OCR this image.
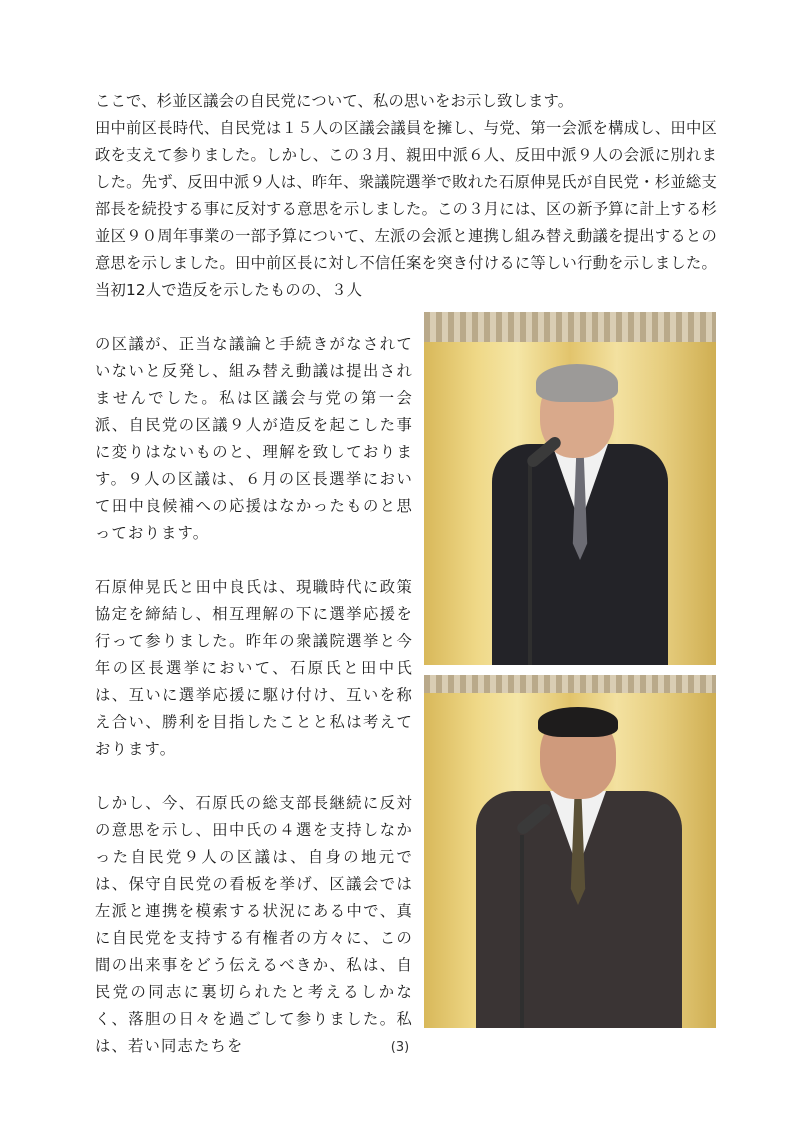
ここで、杉並区議会の自民党について、私の思いをお示し致します。

田中前区長時代、自民党は１５人の区議会議員を擁し、与党、第一会派を構成し、田中区政を支えて参りました。しかし、この３月、親田中派６人、反田中派９人の会派に別れました。先ず、反田中派９人は、昨年、衆議院選挙で敗れた石原伸晃氏が自民党・杉並総支部長を続投する事に反対する意思を示しました。この３月には、区の新予算に計上する杉並区９０周年事業の一部予算について、左派の会派と連携し組み替え動議を提出するとの意思を示しました。田中前区長に対し不信任案を突き付けるに等しい行動を示しました。当初12人で造反を示したものの、３人

の区議が、正当な議論と手続きがなされていないと反発し、組み替え動議は提出されませんでした。私は区議会与党の第一会派、自民党の区議９人が造反を起こした事に変りはないものと、理解を致しております。９人の区議は、６月の区長選挙において田中良候補への応援はなかったものと思っております。

石原伸晃氏と田中良氏は、現職時代に政策協定を締結し、相互理解の下に選挙応援を行って参りました。昨年の衆議院選挙と今年の区長選挙において、石原氏と田中氏は、互いに選挙応援に駆け付け、互いを称え合い、勝利を目指したことと私は考えております。

しかし、今、石原氏の総支部長継続に反対の意思を示し、田中氏の４選を支持しなかった自民党９人の区議は、自身の地元では、保守自民党の看板を挙げ、区議会では左派と連携を模索する状況にある中で、真に自民党を支持する有権者の方々に、この間の出来事をどう伝えるべきか、私は、自民党の同志に裏切られたと考えるしかなく、落胆の日々を過ごして参りました。私は、若い同志たちを	(3)
